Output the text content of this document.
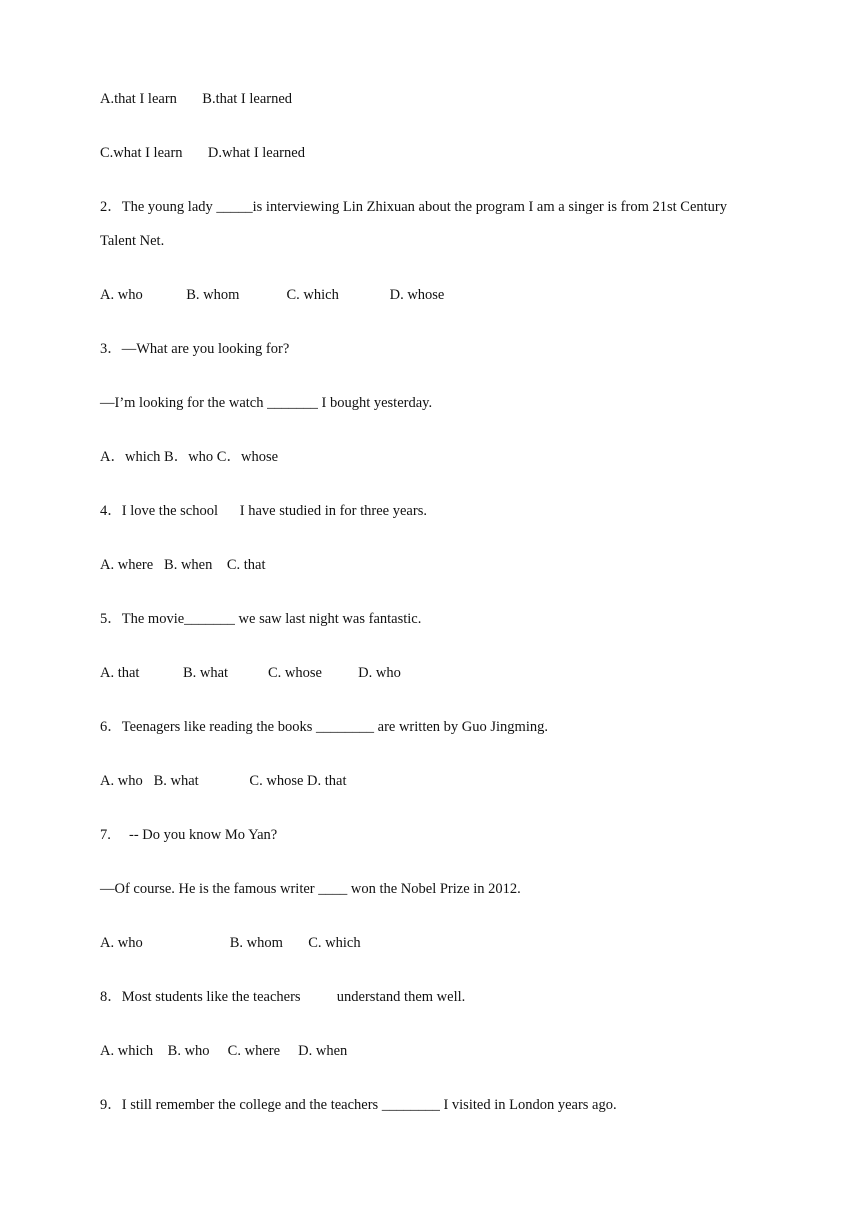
A.that I learn       B.that I learned
C.what I learn       D.what I learned
2．The young lady _____is interviewing Lin Zhixuan about the program I am a singer is from 21st Century Talent Net.
A. who            B. whom             C. which              D. whose
3．—What are you looking for?
—I’m looking for the watch _______ I bought yesterday.
A．which B．who C．whose
4．I love the school      I have studied in for three years.
A. where   B. when    C. that
5．The movie_______ we saw last night was fantastic.
A. that            B. what           C. whose          D. who
6．Teenagers like reading the books ________ are written by Guo Jingming.
A. who   B. what              C. whose D. that
7.     -- Do you know Mo Yan?
—Of course. He is the famous writer ____ won the Nobel Prize in 2012.
A. who                        B. whom       C. which
8．Most students like the teachers          understand them well.
A. which    B. who     C. where     D. when
9．I still remember the college and the teachers ________ I visited in London years ago.
